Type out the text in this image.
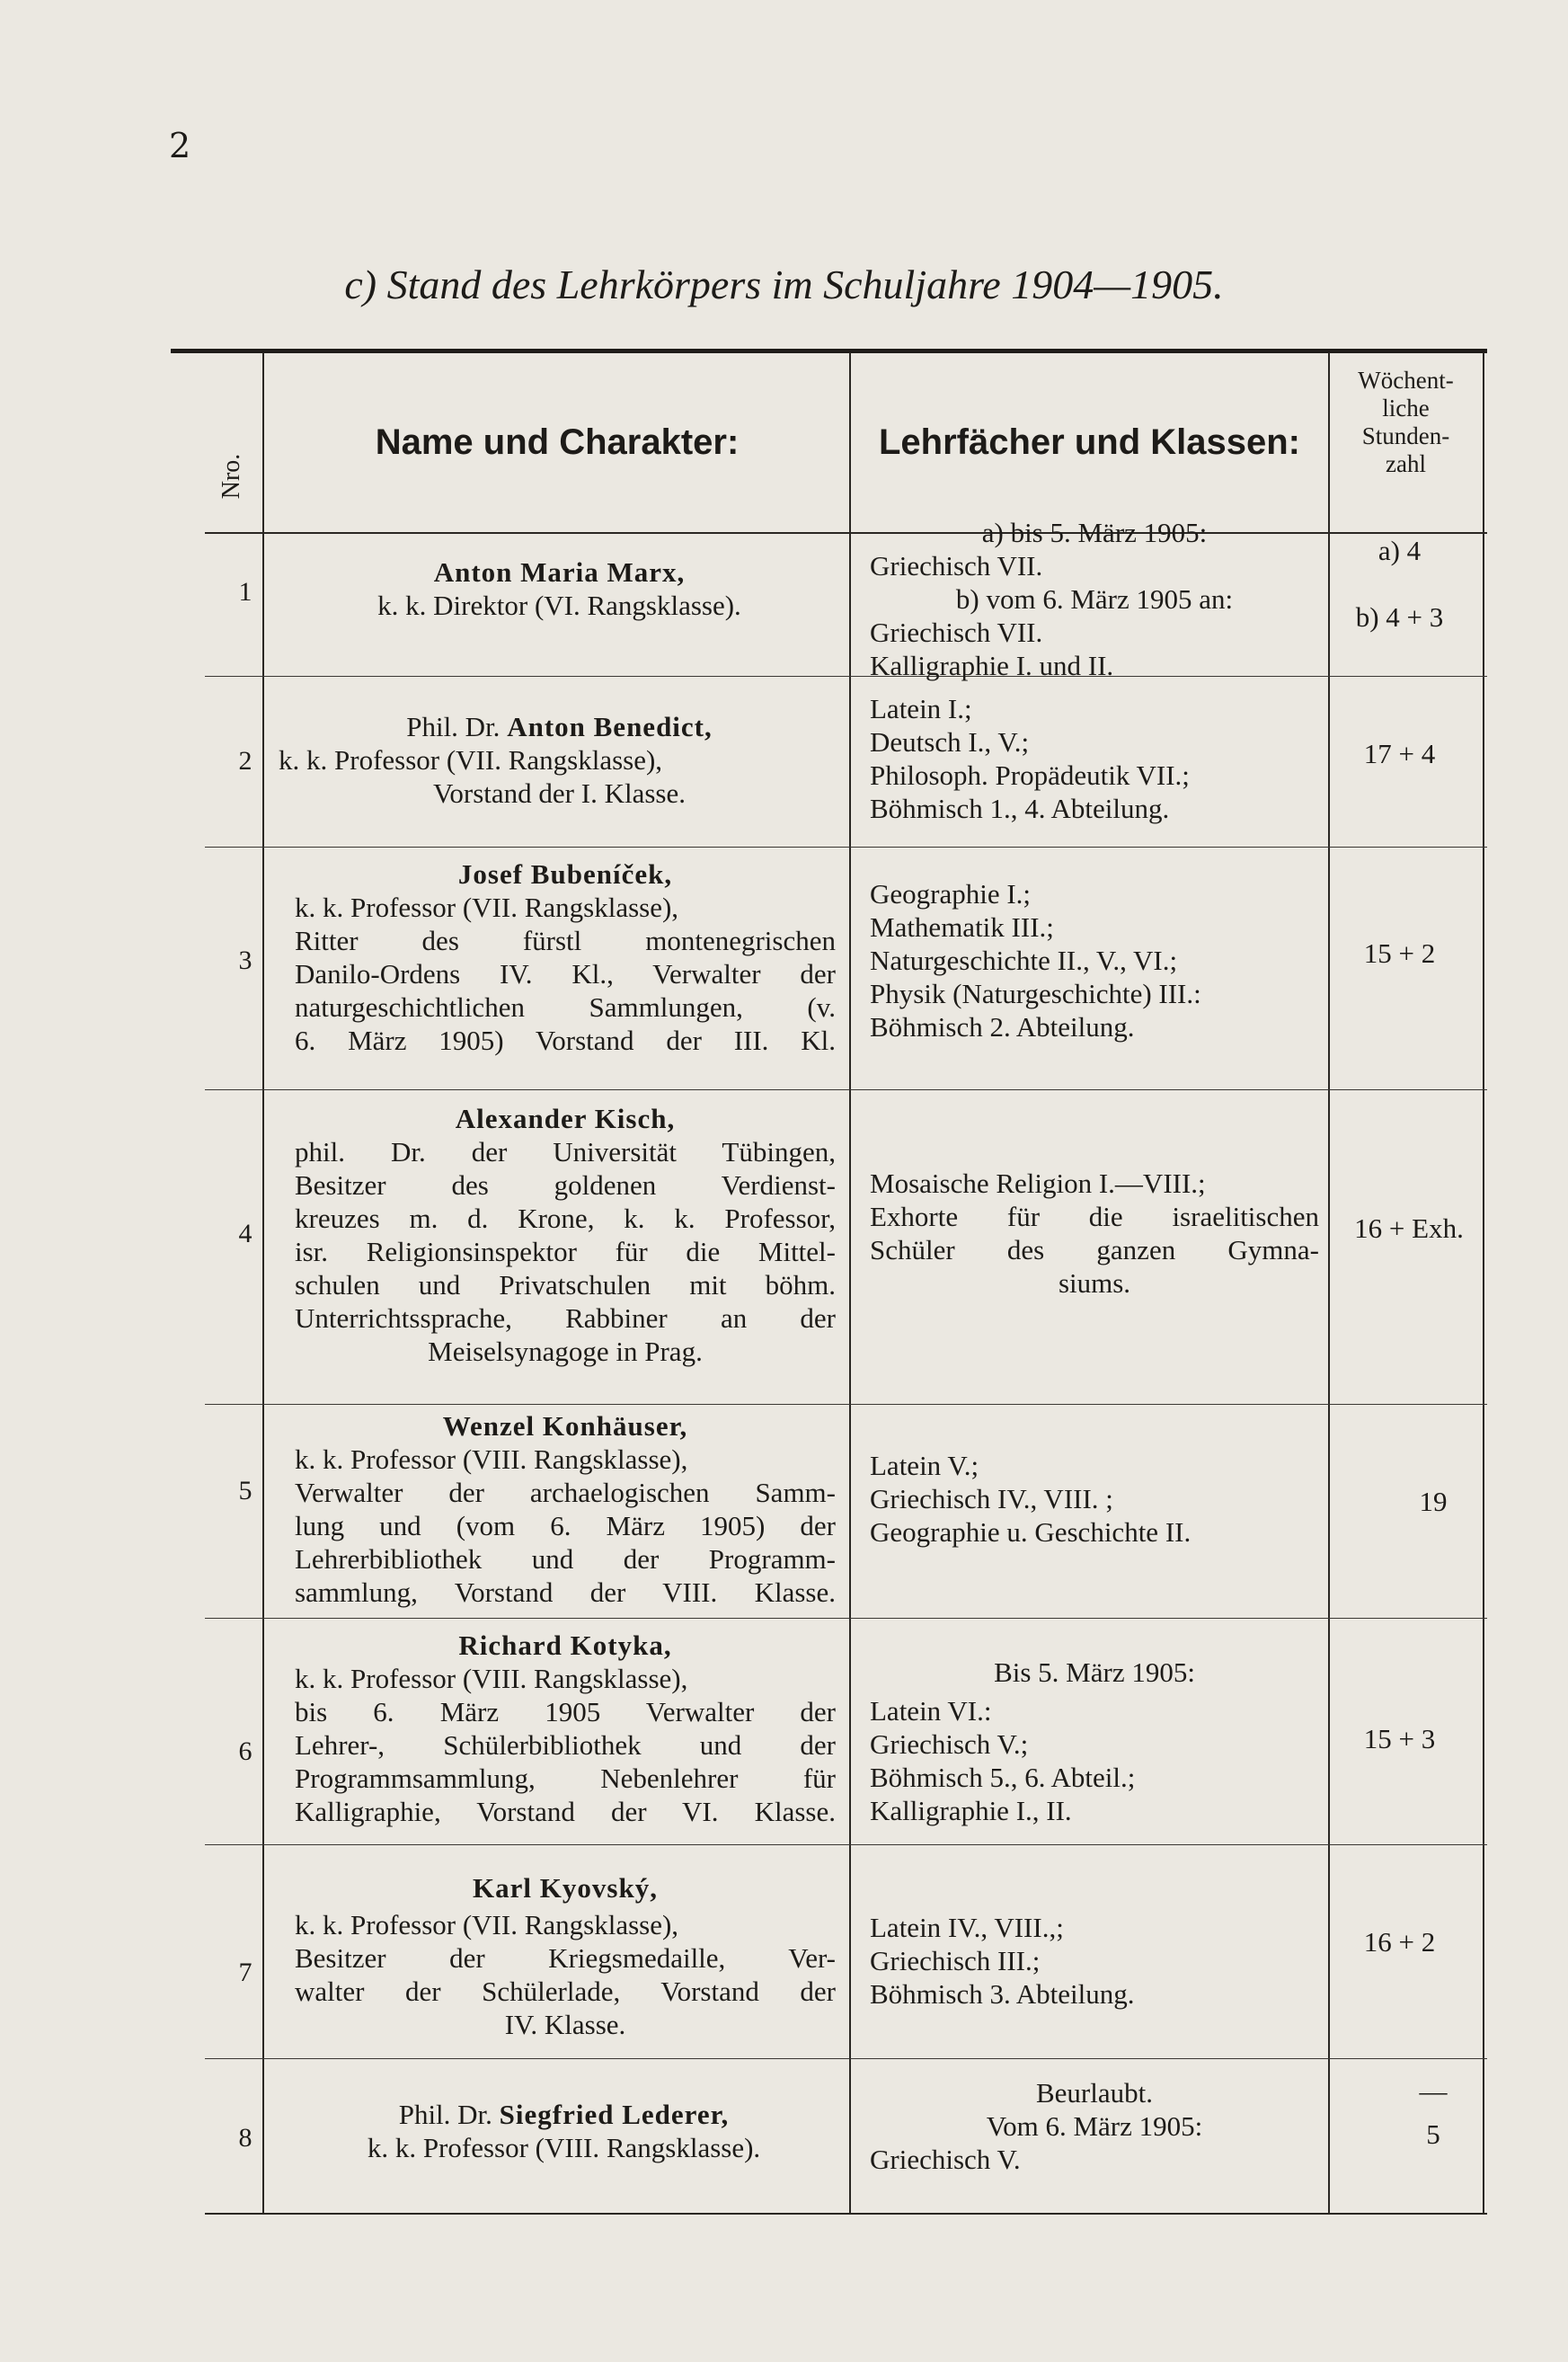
2
c) Stand des Lehrkörpers im Schuljahre 1904—1905.
Nro.
Name und Charakter:	Lehrfächer und Klassen:
Wöchent-
liche
Stunden-
zahl
1
Anton Maria Marx,
k. k. Direktor (VI. Rangsklasse).
a) bis 5. März 1905:
Griechisch VII.
b) vom 6. März 1905 an:
Griechisch VII.
Kalligraphie I. und II.
a) 4
b) 4 + 3
2
Phil. Dr. Anton Benedict,
k. k. Professor (VII. Rangsklasse),
Vorstand der I. Klasse.
Latein I.;
Deutsch I., V.;
Philosoph. Propädeutik VII.;
Böhmisch 1., 4. Abteilung.
17 + 4
3
Josef Bubeníček,
k. k. Professor (VII. Rangsklasse),
Ritter des fürstl montenegrischen
Danilo-Ordens IV. Kl., Verwalter der
naturgeschichtlichen Sammlungen, (v.
6. März 1905) Vorstand der III. Kl.
Geographie I.;
Mathematik III.;
Naturgeschichte II., V., VI.;
Physik (Naturgeschichte) III.:
Böhmisch 2. Abteilung.
15 + 2
4
Alexander Kisch,
phil. Dr. der Universität Tübingen,
Besitzer des goldenen Verdienst-
kreuzes m. d. Krone, k. k. Professor,
isr. Religionsinspektor für die Mittel-
schulen und Privatschulen mit böhm.
Unterrichtssprache, Rabbiner an der
Meiselsynagoge in Prag.
Mosaische Religion I.—VIII.;
Exhorte für die israelitischen
Schüler des ganzen Gymna-
siums.
16 + Exh.
5
Wenzel Konhäuser,
k. k. Professor (VIII. Rangsklasse),
Verwalter der archaelogischen Samm-
lung und (vom 6. März 1905) der
Lehrerbibliothek und der Programm-
sammlung, Vorstand der VIII. Klasse.
Latein V.;
Griechisch IV., VIII. ;
Geographie u. Geschichte II.
19
6
Richard Kotyka,
k. k. Professor (VIII. Rangsklasse),
bis 6. März 1905 Verwalter der
Lehrer-, Schülerbibliothek und der
Programmsammlung, Nebenlehrer für
Kalligraphie, Vorstand der VI. Klasse.
Bis 5. März 1905:
Latein VI.:
Griechisch V.;
Böhmisch 5., 6. Abteil.;
Kalligraphie I., II.
15 + 3
7
Karl Kyovský,
k. k. Professor (VII. Rangsklasse),
Besitzer der Kriegsmedaille, Ver-
walter der Schülerlade, Vorstand der
IV. Klasse.
Latein IV., VIII.,;
Griechisch III.;
Böhmisch 3. Abteilung.
16 + 2
8
Phil. Dr. Siegfried Lederer,
k. k. Professor (VIII. Rangsklasse).
Beurlaubt.
Vom 6. März 1905:
Griechisch V.
—
5
